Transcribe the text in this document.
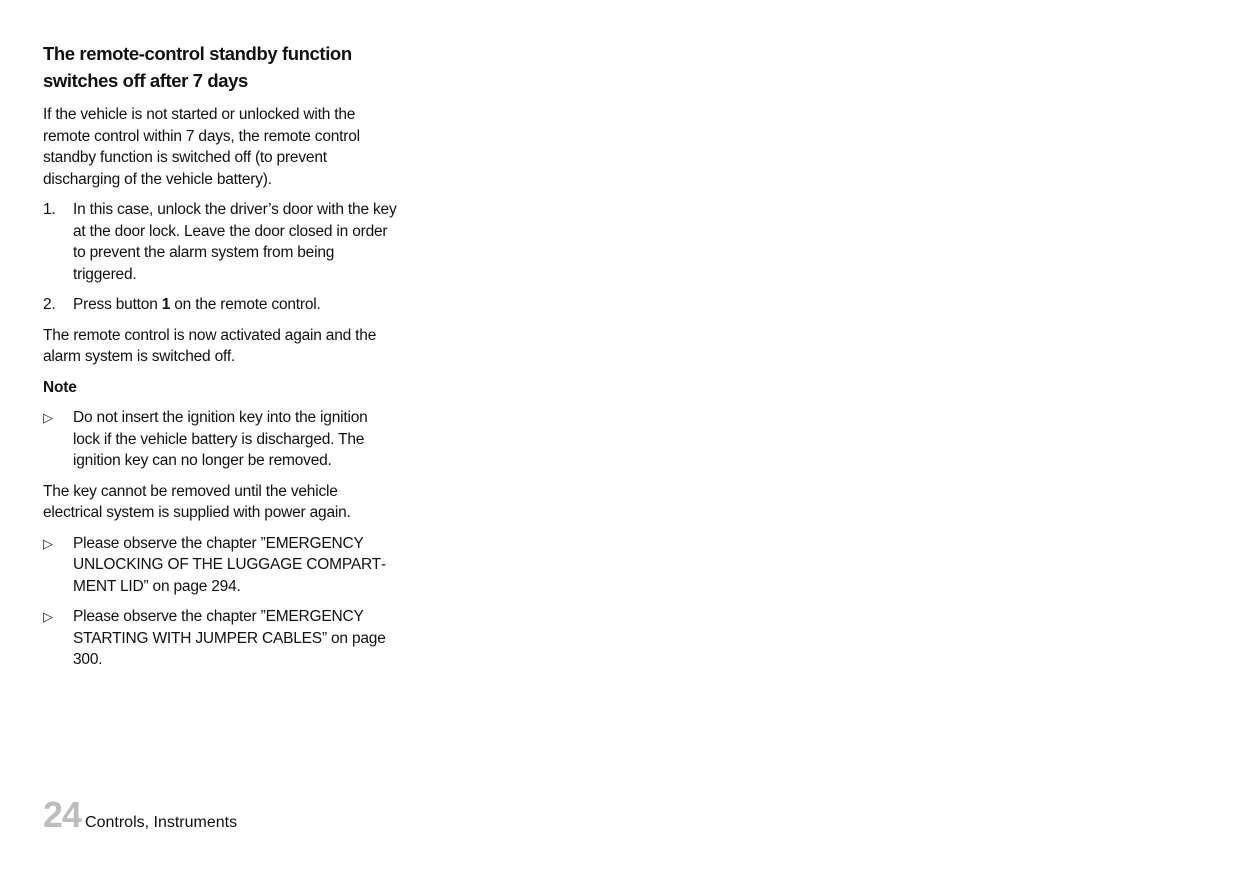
The remote-control standby function switches off after 7 days

If the vehicle is not started or unlocked with the remote control within 7 days, the remote control standby function is switched off (to prevent discharging of the vehicle battery).

1.	In this case, unlock the driver’s door with the key at the door lock. Leave the door closed in order to prevent the alarm system from being triggered.
2.	Press button 1 on the remote control.

The remote control is now activated again and the alarm system is switched off.

Note
▷	Do not insert the ignition key into the ignition lock if the vehicle battery is discharged. The ignition key can no longer be removed.

The key cannot be removed until the vehicle electrical system is supplied with power again.

▷	Please observe the chapter ”EMERGENCY UNLOCKING OF THE LUGGAGE COMPARTMENT LID” on page 294.
▷	Please observe the chapter ”EMERGENCY STARTING WITH JUMPER CABLES” on page 300.
24 Controls, Instruments
